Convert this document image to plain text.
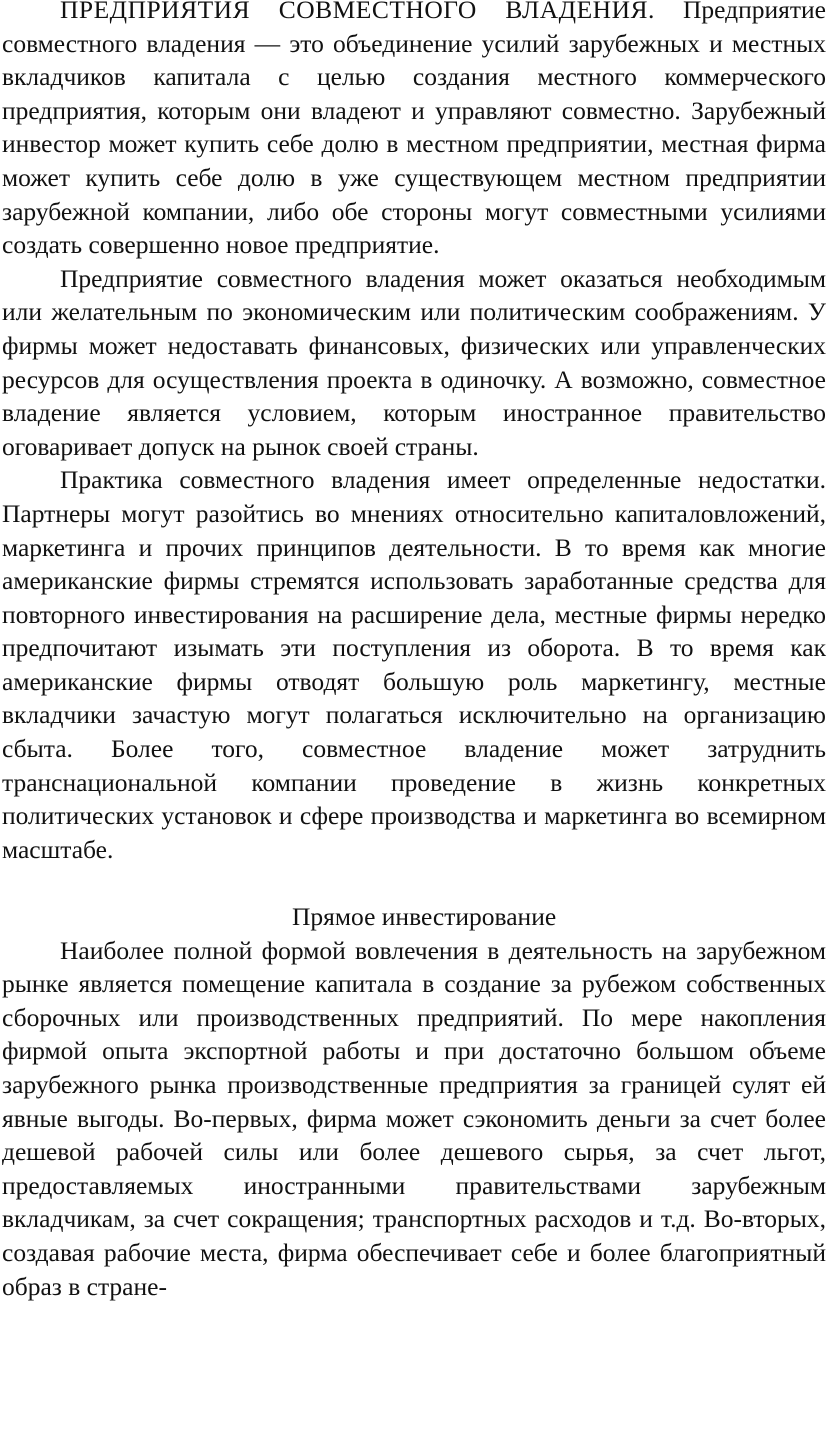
ПРЕДПРИЯТИЯ СОВМЕСТНОГО ВЛАДЕНИЯ. Предприятие совместного владения — это объединение усилий зарубежных и местных вкладчиков капитала с целью создания местного коммерческого предприятия, которым они владеют и управляют совместно. Зарубежный инвестор может купить себе долю в местном предприятии, местная фирма может купить себе долю в уже существующем местном предприятии зарубежной компании, либо обе стороны могут совместными усилиями создать совершенно новое предприятие.

Предприятие совместного владения может оказаться необходимым или желательным по экономическим или политическим соображениям. У фирмы может недоставать финансовых, физических или управленческих ресурсов для осуществления проекта в одиночку. А возможно, совместное владение является условием, которым иностранное правительство оговаривает допуск на рынок своей страны.

Практика совместного владения имеет определенные недостатки. Партнеры могут разойтись во мнениях относительно капиталовложений, маркетинга и прочих принципов деятельности. В то время как многие американские фирмы стремятся использовать заработанные средства для повторного инвестирования на расширение дела, местные фирмы нередко предпочитают изымать эти поступления из оборота. В то время как американские фирмы отводят большую роль маркетингу, местные вкладчики зачастую могут полагаться исключительно на организацию сбыта. Более того, совместное владение может затруднить транснациональной компании проведение в жизнь конкретных политических установок и сфере производства и маркетинга во всемирном масштабе.

Прямое инвестирование

Наиболее полной формой вовлечения в деятельность на зарубежном рынке является помещение капитала в создание за рубежом собственных сборочных или производственных предприятий. По мере накопления фирмой опыта экспортной работы и при достаточно большом объеме зарубежного рынка производственные предприятия за границей сулят ей явные выгоды. Во-первых, фирма может сэкономить деньги за счет более дешевой рабочей силы или более дешевого сырья, за счет льгот, предоставляемых иностранными правительствами зарубежным вкладчикам, за счет сокращения; транспортных расходов и т.д. Во-вторых, создавая рабочие места, фирма обеспечивает себе и более благоприятный образ в стране-
